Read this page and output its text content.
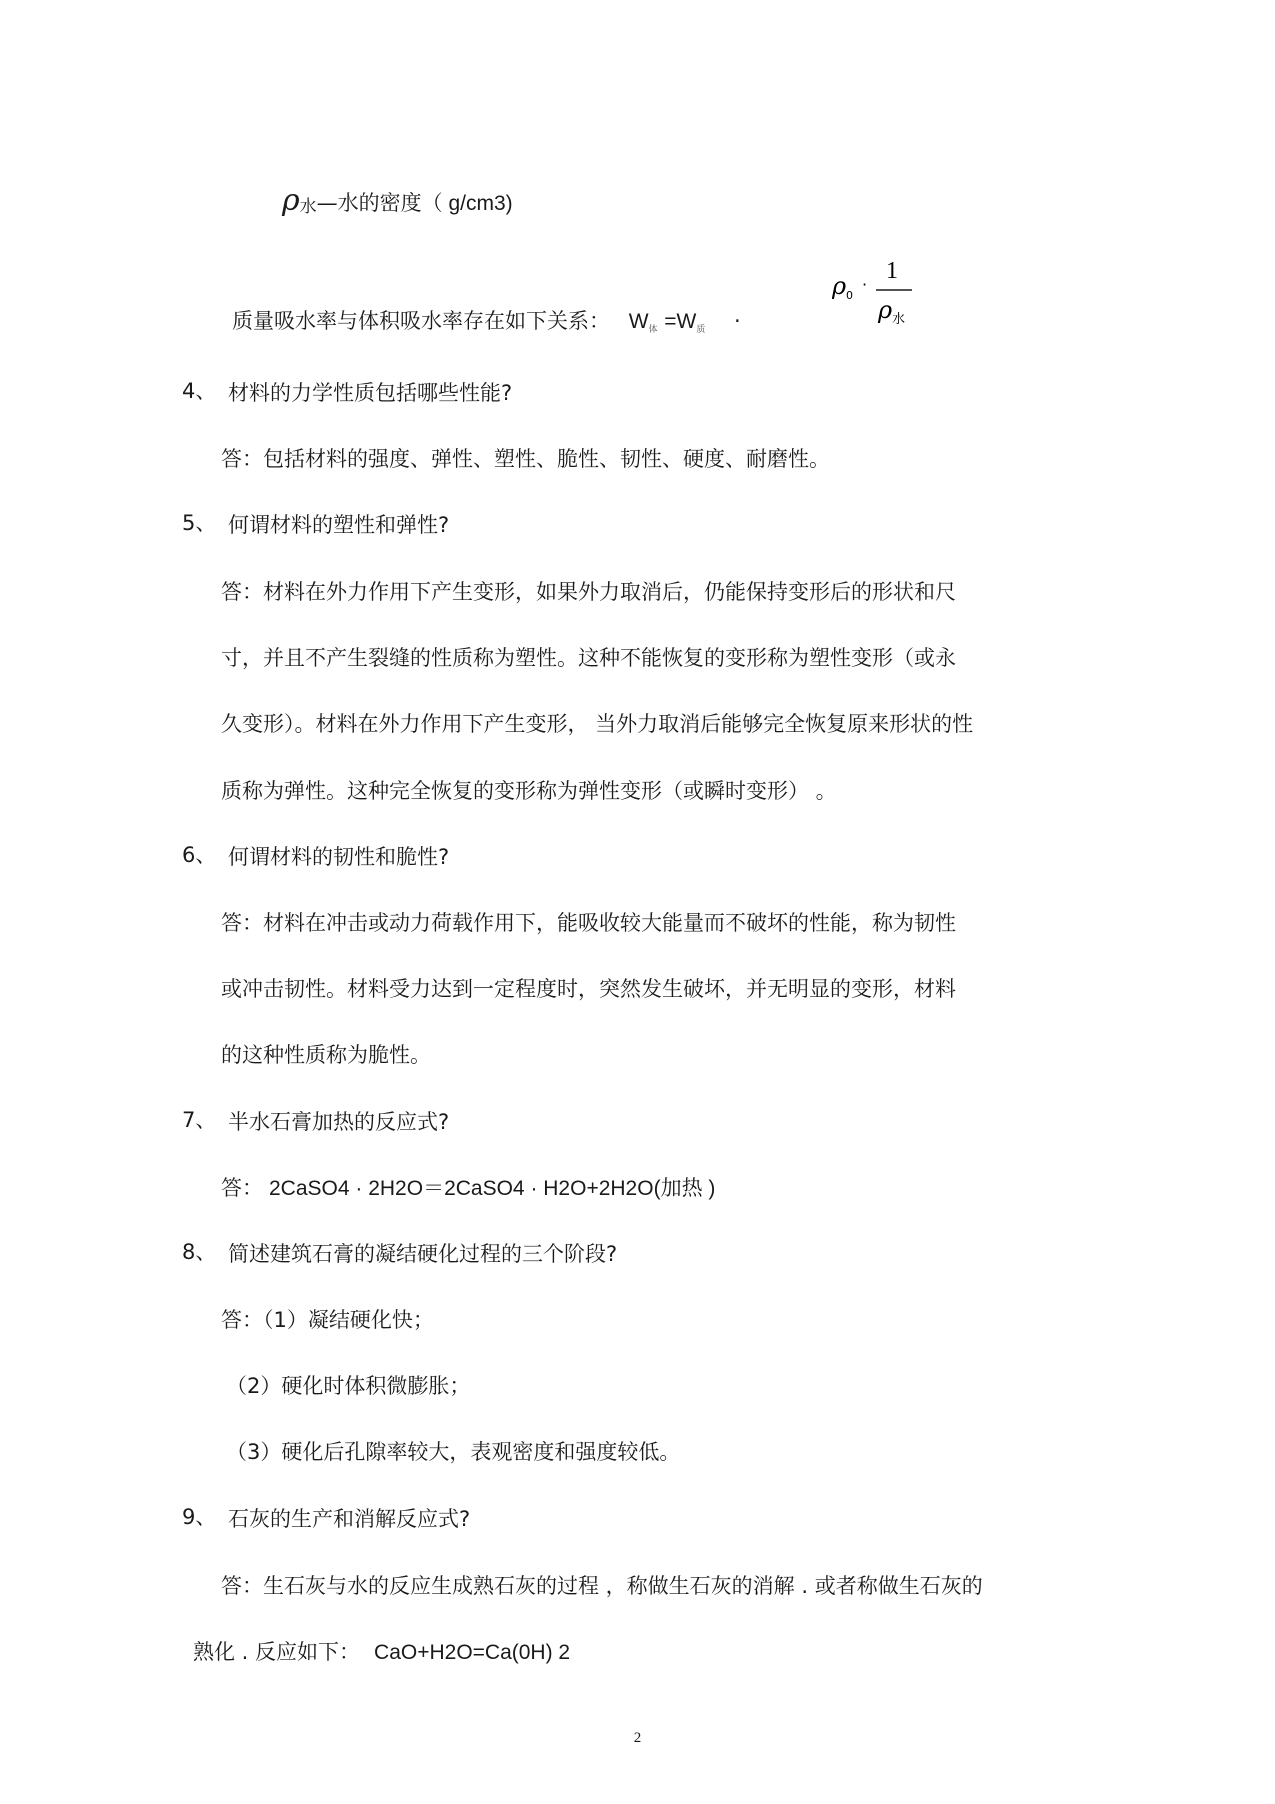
ρ水—水的密度（ g/cm3)
质量吸水率与体积吸水率存在如下关系： $W_体 =W_质$ ·
ρ 0
·
1
ρ 水
4、 材料的力学性质包括哪些性能?
答：包括材料的强度、弹性、塑性、脆性、韧性、硬度、耐磨性。
5、 何谓材料的塑性和弹性?
答：材料在外力作用下产生变形，如果外力取消后，仍能保持变形后的形状和尺
寸，并且不产生裂缝的性质称为塑性。这种不能恢复的变形称为塑性变形（或永
久变形）。材料在外力作用下产生变形， 当外力取消后能够完全恢复原来形状的性
质称为弹性。这种完全恢复的变形称为弹性变形（或瞬时变形） 。
6、 何谓材料的韧性和脆性?
答：材料在冲击或动力荷载作用下，能吸收较大能量而不破坏的性能，称为韧性
或冲击韧性。材料受力达到一定程度时，突然发生破坏，并无明显的变形，材料
的这种性质称为脆性。
7、 半水石膏加热的反应式?
答： 2CaSO4 · 2H2O＝2CaSO4 · H2O+2H2O(加热 )
8、 简述建筑石膏的凝结硬化过程的三个阶段?
答：（1）凝结硬化快；
（2）硬化时体积微膨胀；
（3）硬化后孔隙率较大，表观密度和强度较低。
9、 石灰的生产和消解反应式?
答：生石灰与水的反应生成熟石灰的过程 ，称做生石灰的消解 . 或者称做生石灰的
熟化 . 反应如下： CaO+H2O=Ca(0H) 2
2
